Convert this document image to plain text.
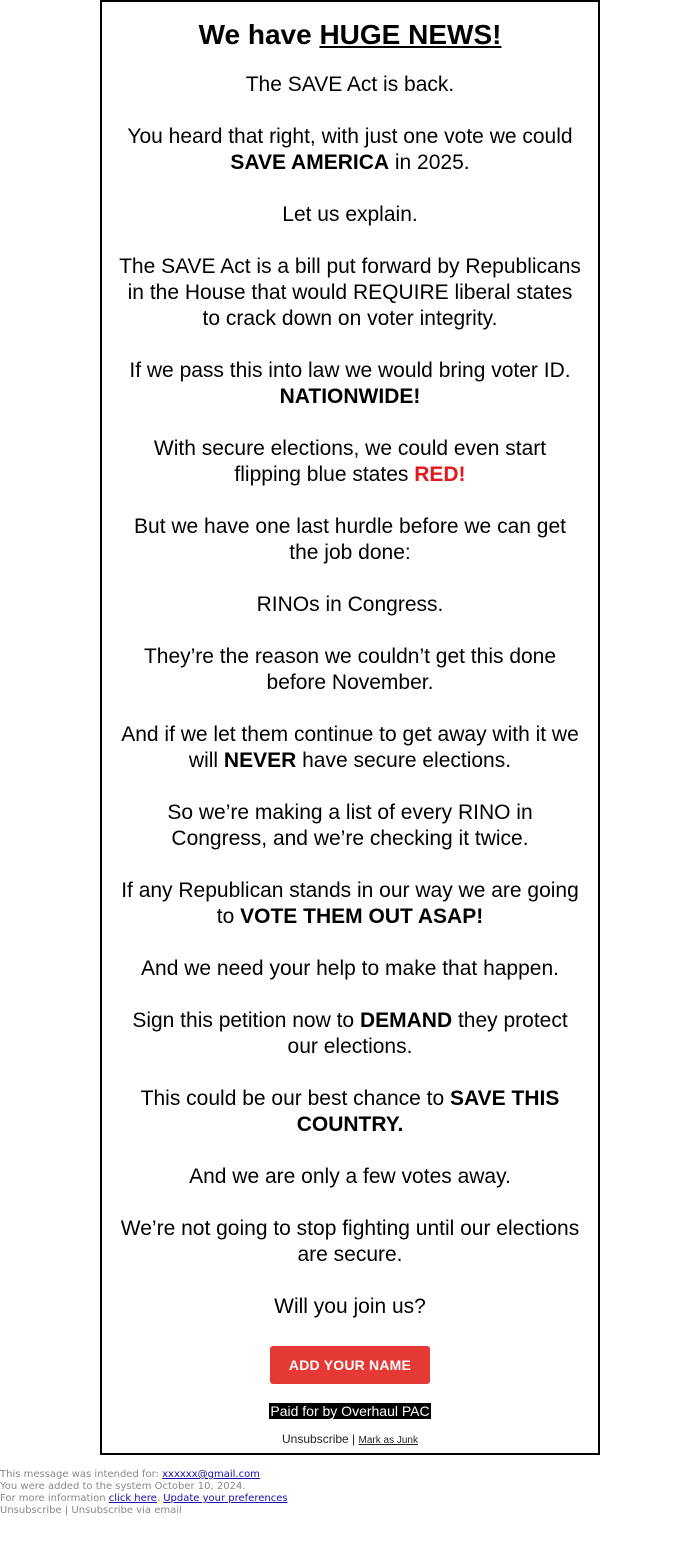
We have HUGE NEWS!

The SAVE Act is back.

You heard that right, with just one vote we could SAVE AMERICA in 2025.

Let us explain.

The SAVE Act is a bill put forward by Republicans in the House that would REQUIRE liberal states to crack down on voter integrity.

If we pass this into law we would bring voter ID. NATIONWIDE!

With secure elections, we could even start flipping blue states RED!

But we have one last hurdle before we can get the job done:

RINOs in Congress.

They’re the reason we couldn’t get this done before November.

And if we let them continue to get away with it we will NEVER have secure elections.

So we’re making a list of every RINO in Congress, and we’re checking it twice.

If any Republican stands in our way we are going to VOTE THEM OUT ASAP!

And we need your help to make that happen.

Sign this petition now to DEMAND they protect our elections.

This could be our best chance to SAVE THIS COUNTRY.

And we are only a few votes away.

We’re not going to stop fighting until our elections are secure.

Will you join us?

ADD YOUR NAME
Paid for by Overhaul PAC
Unsubscribe | Mark as Junk
This message was intended for: xxxxxx@gmail.com
You were added to the system October 10, 2024.
For more information click here. Update your preferences
Unsubscribe | Unsubscribe via email
